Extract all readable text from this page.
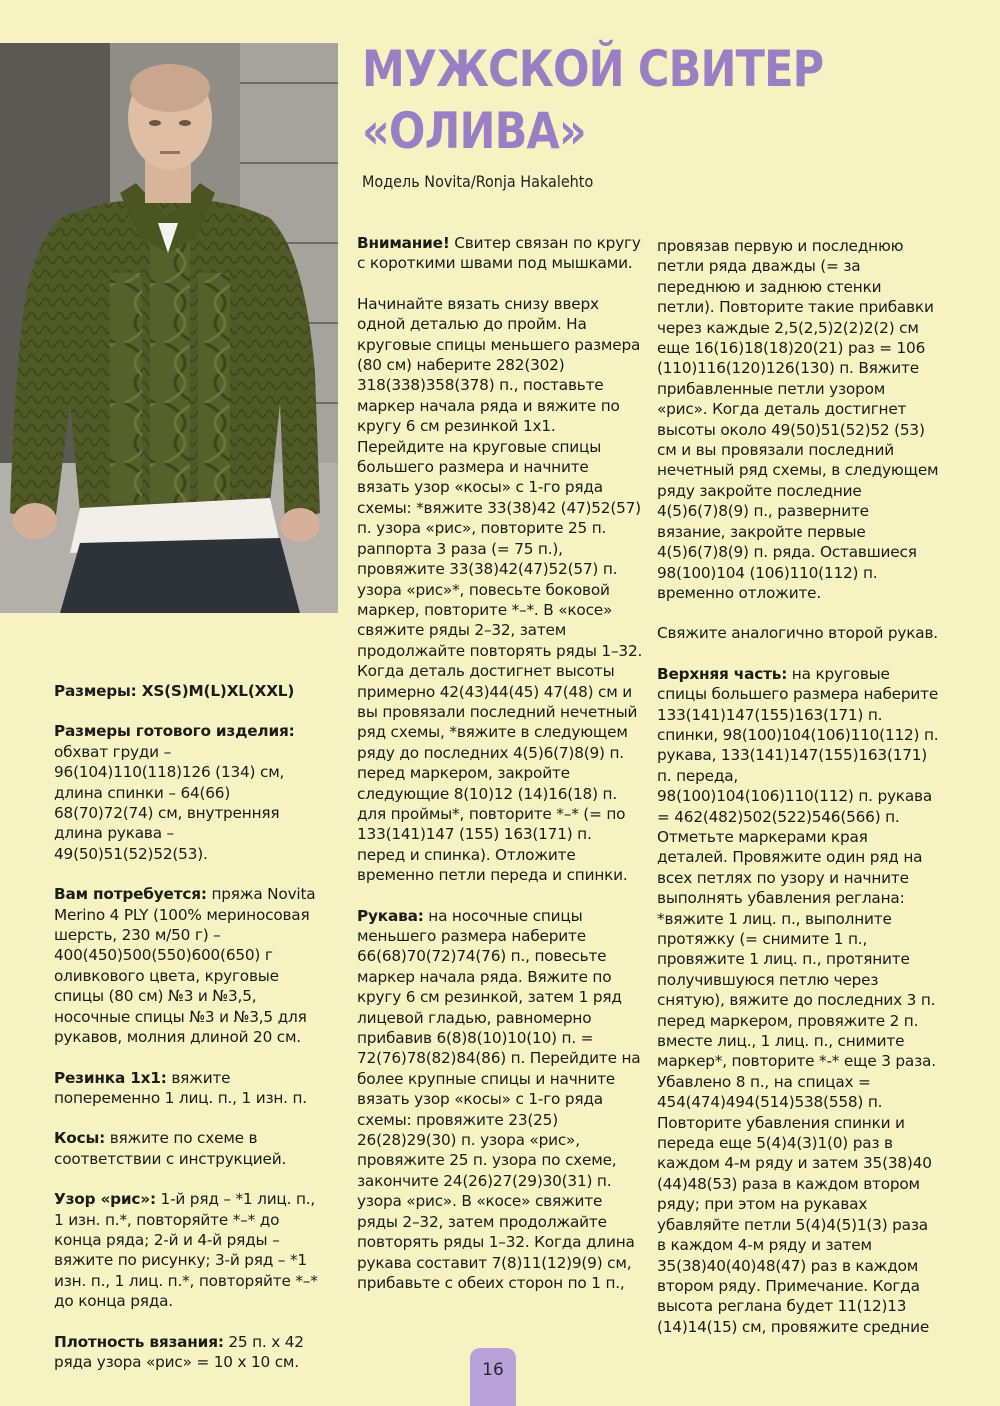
МУЖСКОЙ СВИТЕР
«ОЛИВА»
Модель Novita/Ronja Hakalehto

Размеры: XS(S)M(L)XL(XXL)

Размеры готового изделия: обхват груди – 96(104)110(118)126 (134) см, длина спинки – 64(66) 68(70)72(74) см, внутренняя длина рукава – 49(50)51(52)52(53).

Вам потребуется: пряжа Novita Merino 4 PLY (100% мериносовая шерсть, 230 м/50 г) – 400(450)500(550)600(650) г оливкового цвета, круговые спицы (80 см) №3 и №3,5, носочные спицы №3 и №3,5 для рукавов, молния длиной 20 см.

Резинка 1х1: вяжите попеременно 1 лиц. п., 1 изн. п.

Косы: вяжите по схеме в соответствии с инструкцией.

Узор «рис»: 1-й ряд – *1 лиц. п., 1 изн. п.*, повторяйте *–* до конца ряда; 2-й и 4-й ряды – вяжите по рисунку; 3-й ряд – *1 изн. п., 1 лиц. п.*, повторяйте *–* до конца ряда.

Плотность вязания: 25 п. х 42 ряда узора «рис» = 10 х 10 см.

Внимание! Свитер связан по кругу с короткими швами под мышками.

Начинайте вязать снизу вверх одной деталью до пройм. На круговые спицы меньшего размера (80 см) наберите 282(302) 318(338)358(378) п., поставьте маркер начала ряда и вяжите по кругу 6 см резинкой 1х1. Перейдите на круговые спицы большего размера и начните вязать узор «косы» с 1-го ряда схемы: *вяжите 33(38)42 (47)52(57) п. узора «рис», повторите 25 п. раппорта 3 раза (= 75 п.), провяжите 33(38)42(47)52(57) п. узора «рис»*, повесьте боковой маркер, повторите *–*. В «косе» свяжите ряды 2–32, затем продолжайте повторять ряды 1–32. Когда деталь достигнет высоты примерно 42(43)44(45) 47(48) см и вы провязали последний нечетный ряд схемы, *вяжите в следующем ряду до последних 4(5)6(7)8(9) п. перед маркером, закройте следующие 8(10)12 (14)16(18) п. для проймы*, повторите *–* (= по 133(141)147 (155) 163(171) п. перед и спинка). Отложите временно петли переда и спинки.

Рукава: на носочные спицы меньшего размера наберите 66(68)70(72)74(76) п., повесьте маркер начала ряда. Вяжите по кругу 6 см резинкой, затем 1 ряд лицевой гладью, равномерно прибавив 6(8)8(10)10(10) п. = 72(76)78(82)84(86) п. Перейдите на более крупные спицы и начните вязать узор «косы» с 1-го ряда схемы: провяжите 23(25) 26(28)29(30) п. узора «рис», провяжите 25 п. узора по схеме, закончите 24(26)27(29)30(31) п. узора «рис». В «косе» свяжите ряды 2–32, затем продолжайте повторять ряды 1–32. Когда длина рукава составит 7(8)11(12)9(9) см, прибавьте с обеих сторон по 1 п.,

провязав первую и последнюю петли ряда дважды (= за переднюю и заднюю стенки петли). Повторите такие прибавки через каждые 2,5(2,5)2(2)2(2) см еще 16(16)18(18)20(21) раз = 106 (110)116(120)126(130) п. Вяжите прибавленные петли узором «рис». Когда деталь достигнет высоты около 49(50)51(52)52 (53) см и вы провязали последний нечетный ряд схемы, в следующем ряду закройте последние 4(5)6(7)8(9) п., разверните вязание, закройте первые 4(5)6(7)8(9) п. ряда. Оставшиеся 98(100)104 (106)110(112) п. временно отложите.

Свяжите аналогично второй рукав.

Верхняя часть: на круговые спицы большего размера наберите 133(141)147(155)163(171) п. спинки, 98(100)104(106)110(112) п. рукава, 133(141)147(155)163(171) п. переда, 98(100)104(106)110(112) п. рукава = 462(482)502(522)546(566) п. Отметьте маркерами края деталей. Провяжите один ряд на всех петлях по узору и начните выполнять убавления реглана: *вяжите 1 лиц. п., выполните протяжку (= снимите 1 п., провяжите 1 лиц. п., протяните получившуюся петлю через снятую), вяжите до последних 3 п. перед маркером, провяжите 2 п. вместе лиц., 1 лиц. п., снимите маркер*, повторите *-* еще 3 раза. Убавлено 8 п., на спицах = 454(474)494(514)538(558) п. Повторите убавления спинки и переда еще 5(4)4(3)1(0) раз в каждом 4-м ряду и затем 35(38)40 (44)48(53) раза в каждом втором ряду; при этом на рукавах убавляйте петли 5(4)4(5)1(3) раза в каждом 4-м ряду и затем 35(38)40(40)48(47) раз в каждом втором ряду. Примечание. Когда высота реглана будет 11(12)13 (14)14(15) см, провяжите средние

16
